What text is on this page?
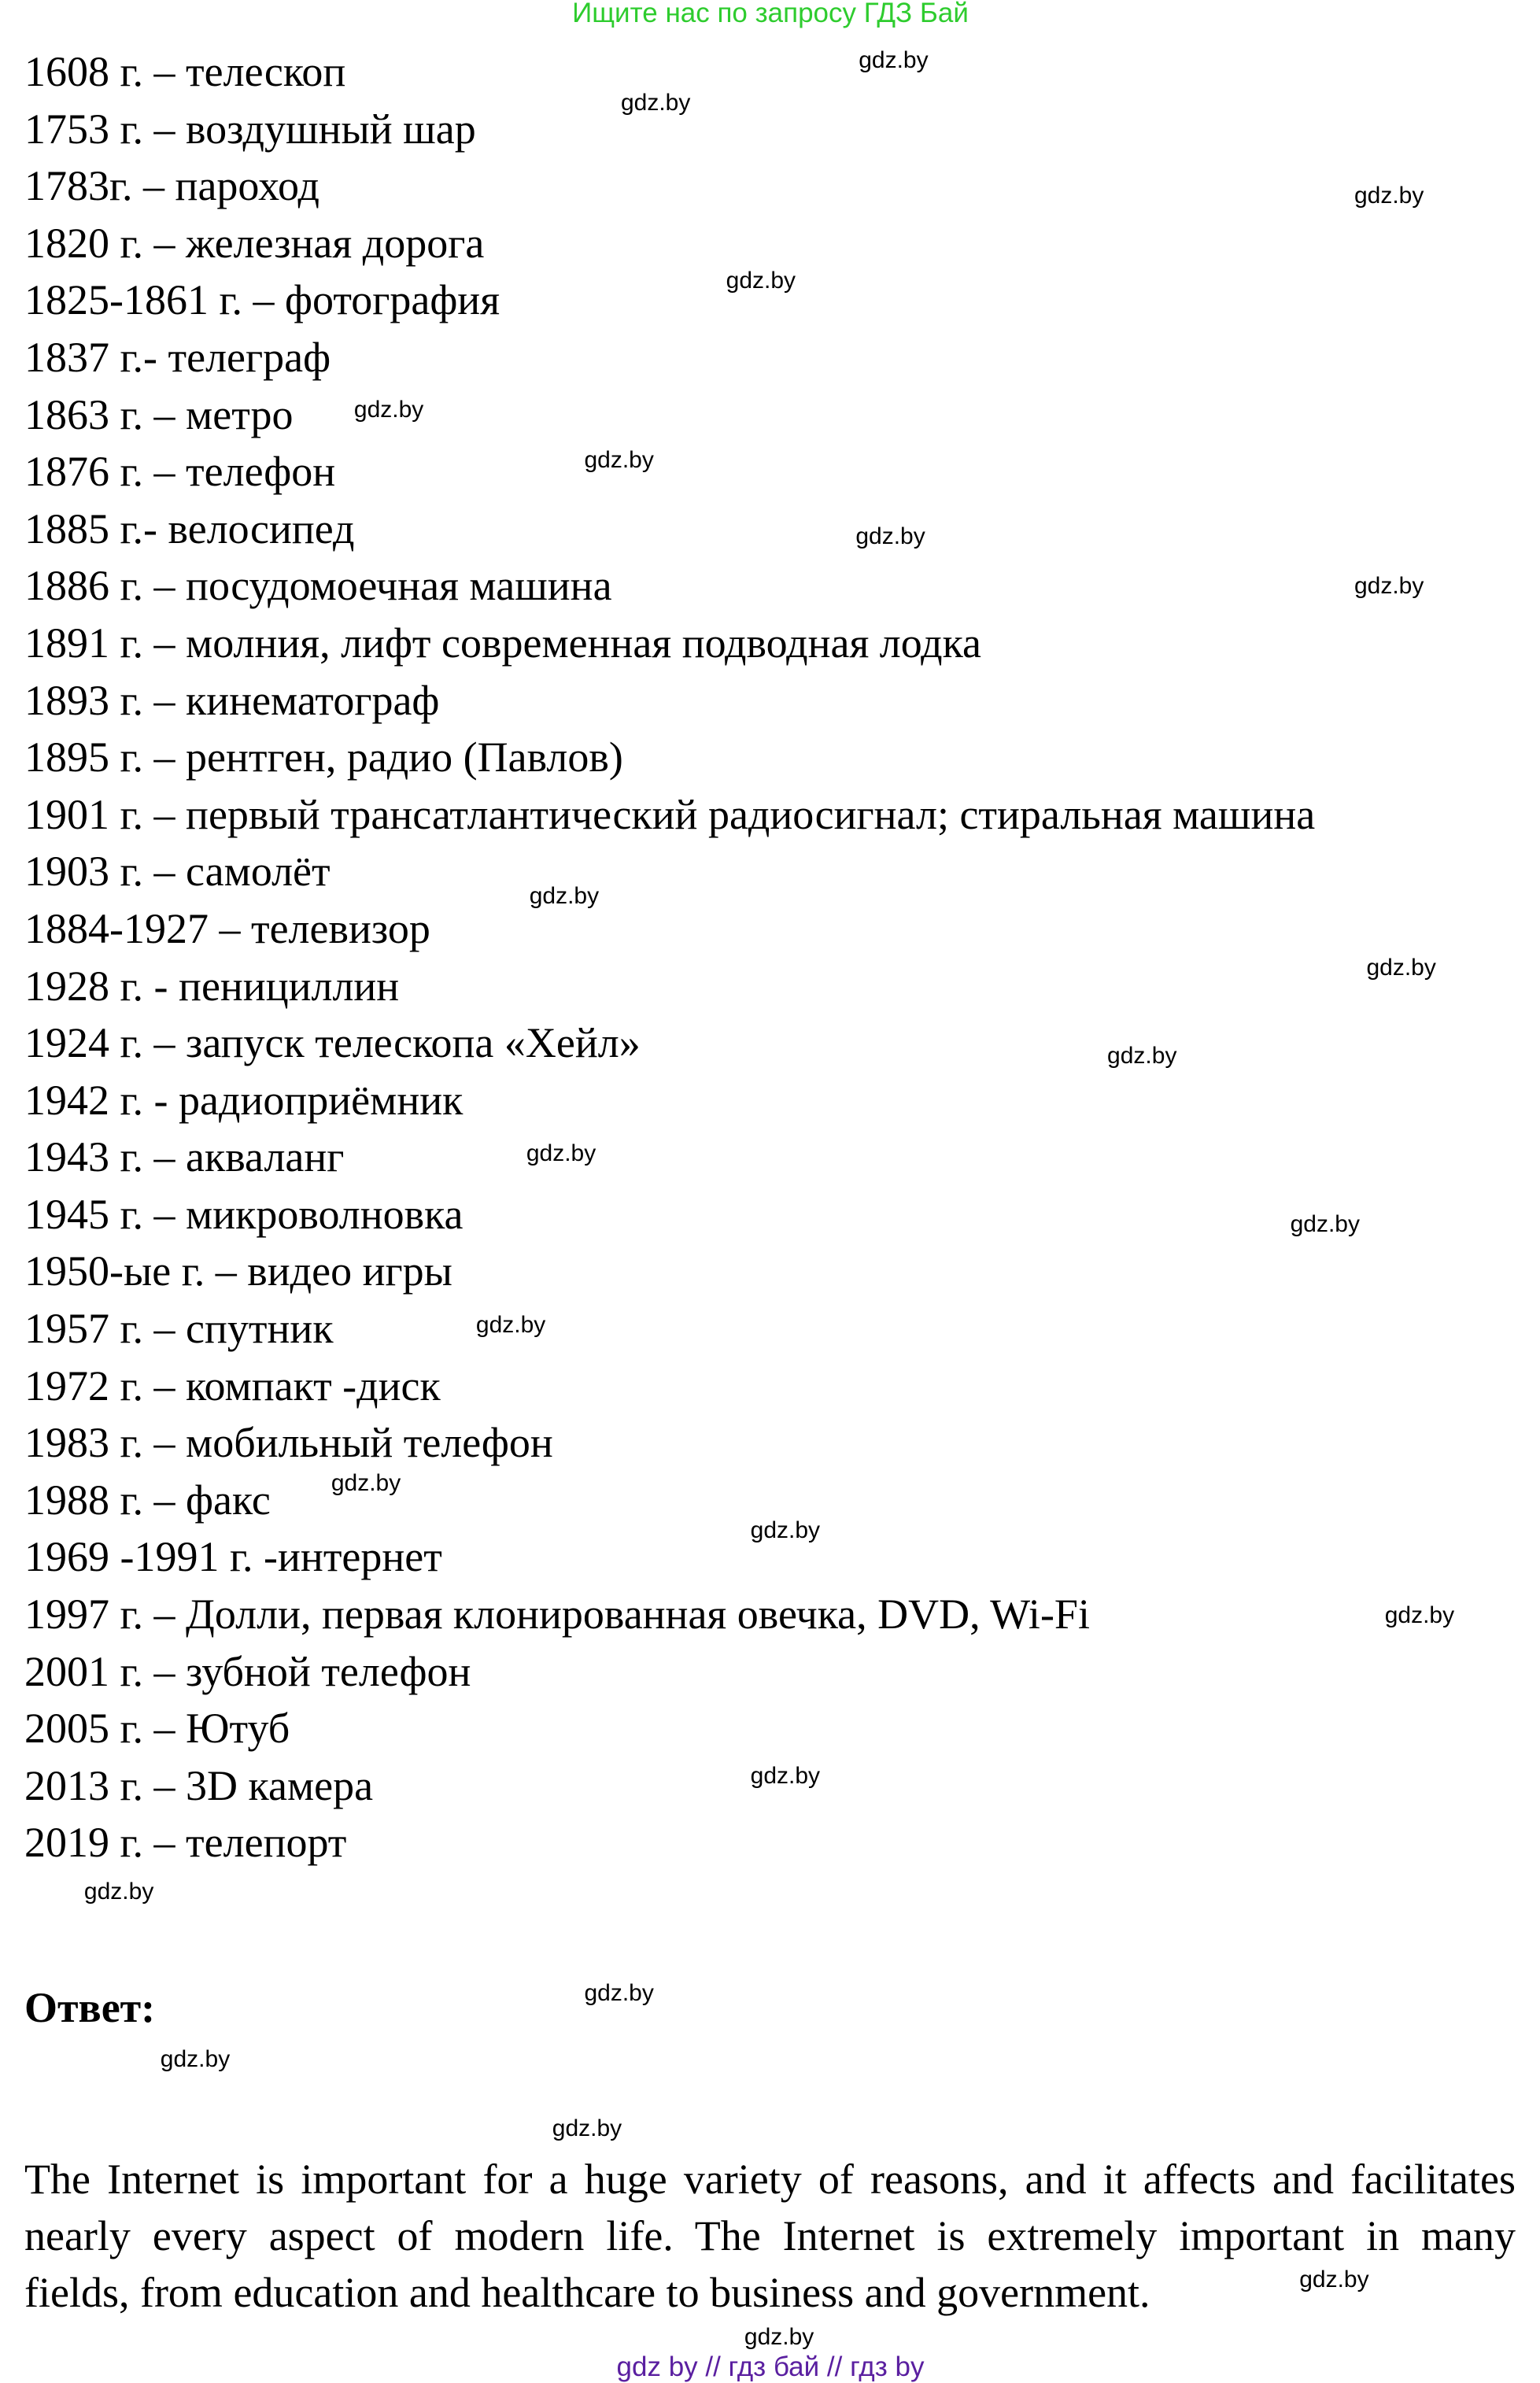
Ищите нас по запросу ГДЗ Бай
1608 г. – телескоп
1753 г. – воздушный шар
1783г. – пароход
1820 г. – железная дорога
1825-1861 г. – фотография
1837 г.- телеграф
1863 г. – метро
1876 г. – телефон
1885 г.- велосипед
1886 г. – посудомоечная машина
1891 г. – молния, лифт современная подводная лодка
1893 г. – кинематограф
1895 г. – рентген, радио (Павлов)
1901 г. – первый трансатлантический радиосигнал; стиральная машина
1903 г. – самолёт
1884-1927 – телевизор
1928 г. - пенициллин
1924 г. – запуск телескопа «Хейл»
1942 г. - радиоприёмник
1943 г. – акваланг
1945 г. – микроволновка
1950-ые г. – видео игры
1957 г. – спутник
1972 г. – компакт -диск
1983 г. – мобильный телефон
1988 г. – факс
1969 -1991 г. -интернет
1997 г. – Долли, первая клонированная овечка, DVD, Wi-Fi
2001 г. – зубной телефон
2005 г. – Ютуб
2013 г. – 3D камера
2019 г. – телепорт
Ответ:
The Internet is important for a huge variety of reasons, and it affects and facilitates
nearly every aspect of modern life. The Internet is extremely important in many
fields, from education and healthcare to business and government.
gdz.by
gdz.by
gdz.by
gdz.by
gdz.by
gdz.by
gdz.by
gdz.by
gdz.by
gdz.by
gdz.by
gdz.by
gdz.by
gdz.by
gdz.by
gdz.by
gdz.by
gdz.by
gdz.by
gdz.by
gdz.by
gdz.by
gdz.by
gdz.by
gdz by // гдз бай // гдз by
